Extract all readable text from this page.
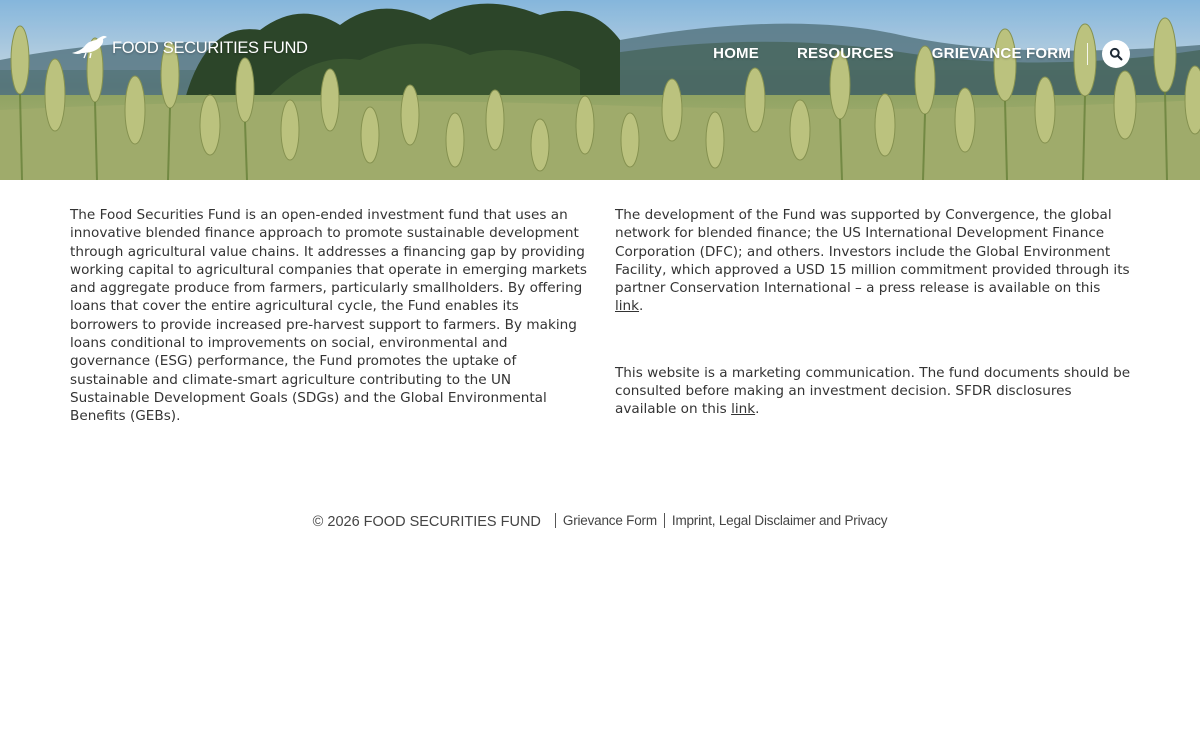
FOOD SECURITIES FUND	HOME	RESOURCES	GRIEVANCE FORM

The Food Securities Fund is an open-ended investment fund that uses an innovative blended finance approach to promote sustainable development through agricultural value chains. It addresses a financing gap by providing working capital to agricultural companies that operate in emerging markets and aggregate produce from farmers, particularly smallholders. By offering loans that cover the entire agricultural cycle, the Fund enables its borrowers to provide increased pre-harvest support to farmers. By making loans conditional to improvements on social, environmental and governance (ESG) performance, the Fund promotes the uptake of sustainable and climate-smart agriculture contributing to the UN Sustainable Development Goals (SDGs) and the Global Environmental Benefits (GEBs).

The development of the Fund was supported by Convergence, the global network for blended finance; the US International Development Finance Corporation (DFC); and others. Investors include the Global Environment Facility, which approved a USD 15 million commitment provided through its partner Conservation International – a press release is available on this link.

This website is a marketing communication. The fund documents should be consulted before making an investment decision. SFDR disclosures available on this link.

© 2026 FOOD SECURITIES FUND Grievance Form Imprint, Legal Disclaimer and Privacy
